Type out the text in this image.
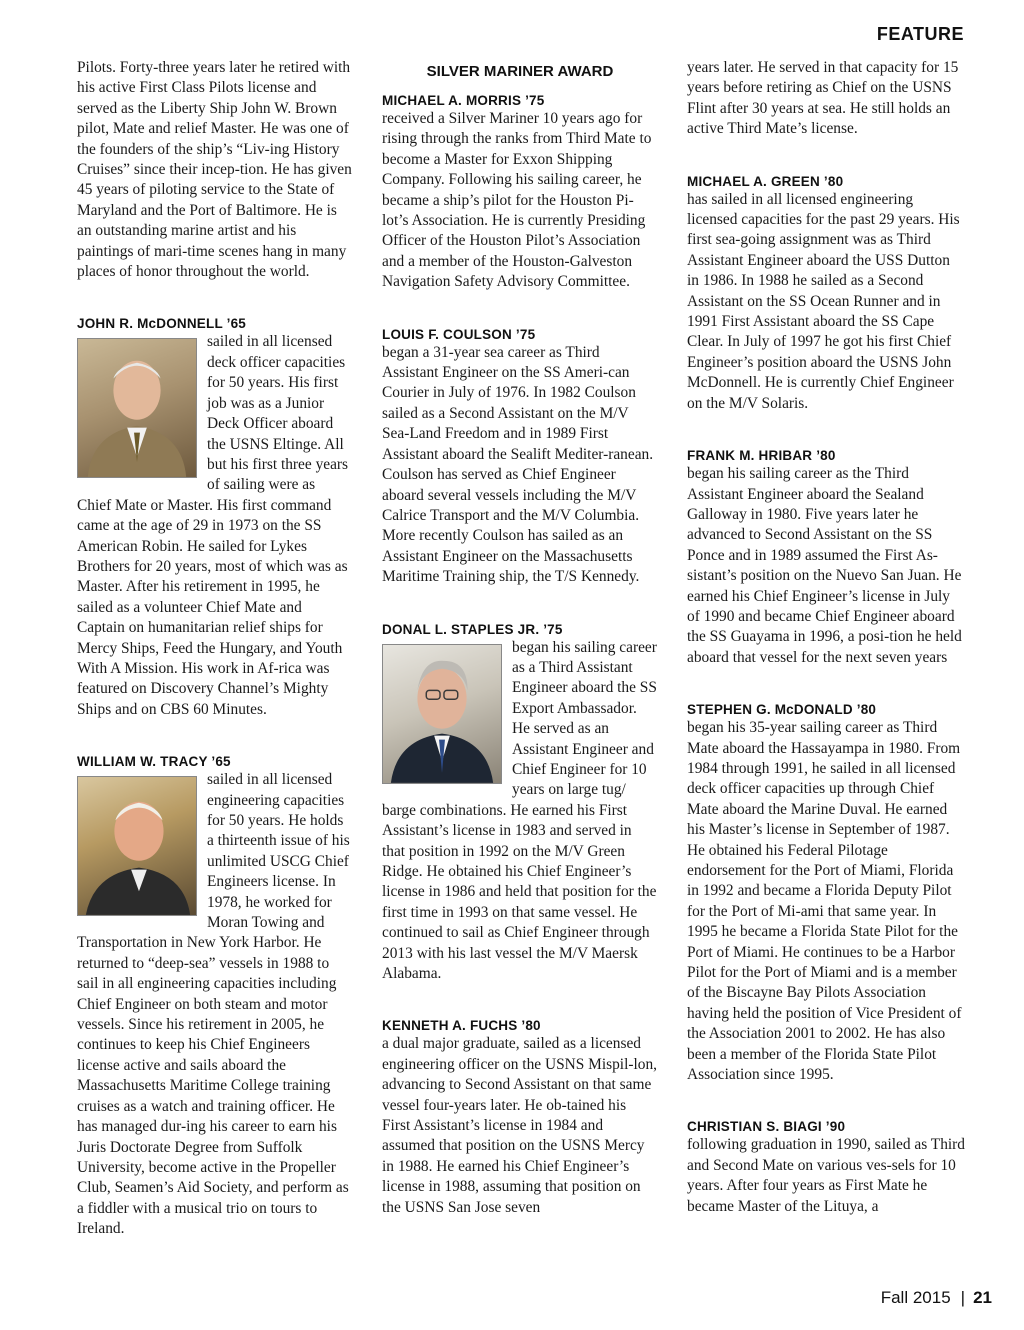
FEATURE

Pilots. Forty-three years later he retired with his active First Class Pilots license and served as the Liberty Ship John W. Brown pilot, Mate and relief Master. He was one of the founders of the ship’s “Liv-ing History Cruises” since their incep-tion. He has given 45 years of piloting service to the State of Maryland and the Port of Baltimore. He is an outstanding marine artist and his paintings of mari-time scenes hang in many places of honor throughout the world.

JOHN R. McDONNELL ’65

sailed in all licensed deck officer capacities for 50 years. His first job was as a Junior Deck Officer aboard the USNS Eltinge. All but his first three years of sailing were as Chief Mate or Master. His first command came at the age of 29 in 1973 on the SS American Robin. He sailed for Lykes Brothers for 20 years, most of which was as Master. After his retirement in 1995, he sailed as a volunteer Chief Mate and Captain on humanitarian relief ships for Mercy Ships, Feed the Hungary, and Youth With A Mission. His work in Af-rica was featured on Discovery Channel’s Mighty Ships and on CBS 60 Minutes.

WILLIAM W. TRACY ’65

sailed in all licensed engineering capacities for 50 years. He holds a thirteenth issue of his unlimited USCG Chief Engineers license. In 1978, he worked for Moran Towing and Transportation in New York Harbor. He returned to “deep-sea” vessels in 1988 to sail in all engineering capacities including Chief Engineer on both steam and motor vessels. Since his retirement in 2005, he continues to keep his Chief Engineers license active and sails aboard the Massachusetts Maritime College training cruises as a watch and training officer. He has managed dur-ing his career to earn his Juris Doctorate Degree from Suffolk University, become active in the Propeller Club, Seamen’s Aid Society, and perform as a fiddler with a musical trio on tours to Ireland.

SILVER MARINER AWARD
MICHAEL A. MORRIS ’75

received a Silver Mariner 10 years ago for rising through the ranks from Third Mate to become a Master for Exxon Shipping Company. Following his sailing career, he became a ship’s pilot for the Houston Pi-lot’s Association. He is currently Presiding Officer of the Houston Pilot’s Association and a member of the Houston-Galveston Navigation Safety Advisory Committee.

LOUIS F. COULSON ’75

began a 31-year sea career as Third Assistant Engineer on the SS Ameri-can Courier in July of 1976. In 1982 Coulson sailed as a Second Assistant on the M/V Sea-Land Freedom and in 1989 First Assistant aboard the Sealift Mediter-ranean. Coulson has served as Chief Engineer aboard several vessels including the M/V Calrice Transport and the M/V Columbia. More recently Coulson has sailed as an Assistant Engineer on the Massachusetts Maritime Training ship, the T/S Kennedy.

DONAL L. STAPLES JR. ’75

began his sailing career as a Third Assistant Engineer aboard the SS Export Ambassador. He served as an Assistant Engineer and Chief Engineer for 10 years on large tug/ barge combinations. He earned his First Assistant’s license in 1983 and served in that position in 1992 on the M/V Green Ridge. He obtained his Chief Engineer’s license in 1986 and held that position for the first time in 1993 on that same vessel. He continued to sail as Chief Engineer through 2013 with his last vessel the M/V Maersk Alabama.

KENNETH A. FUCHS ’80

a dual major graduate, sailed as a licensed engineering officer on the USNS Mispil-lon, advancing to Second Assistant on that same vessel four-years later. He ob-tained his First Assistant’s license in 1984 and assumed that position on the USNS Mercy in 1988. He earned his Chief Engineer’s license in 1988, assuming that position on the USNS San Jose seven

years later. He served in that capacity for 15 years before retiring as Chief on the USNS Flint after 30 years at sea. He still holds an active Third Mate’s license.

MICHAEL A. GREEN ’80

has sailed in all licensed engineering licensed capacities for the past 29 years. His first sea-going assignment was as Third Assistant Engineer aboard the USS Dutton in 1986. In 1988 he sailed as a Second Assistant on the SS Ocean Runner and in 1991 First Assistant aboard the SS Cape Clear. In July of 1997 he got his first Chief Engineer’s position aboard the USNS John McDonnell. He is currently Chief Engineer on the M/V Solaris.

FRANK M. HRIBAR ’80

began his sailing career as the Third Assistant Engineer aboard the Sealand Galloway in 1980. Five years later he advanced to Second Assistant on the SS Ponce and in 1989 assumed the First As-sistant’s position on the Nuevo San Juan. He earned his Chief Engineer’s license in July of 1990 and became Chief Engineer aboard the SS Guayama in 1996, a posi-tion he held aboard that vessel for the next seven years

STEPHEN G. McDONALD ’80

began his 35-year sailing career as Third Mate aboard the Hassayampa in 1980. From 1984 through 1991, he sailed in all licensed deck officer capacities up through Chief Mate aboard the Marine Duval. He earned his Master’s license in September of 1987. He obtained his Federal Pilotage endorsement for the Port of Miami, Florida in 1992 and became a Florida Deputy Pilot for the Port of Mi-ami that same year. In 1995 he became a Florida State Pilot for the Port of Miami. He continues to be a Harbor Pilot for the Port of Miami and is a member of the Biscayne Bay Pilots Association having held the position of Vice President of the Association 2001 to 2002. He has also been a member of the Florida State Pilot Association since 1995.

CHRISTIAN S. BIAGI ’90

following graduation in 1990, sailed as Third and Second Mate on various ves-sels for 10 years. After four years as First Mate he became Master of the Lituya, a

Fall 2015 | 21
